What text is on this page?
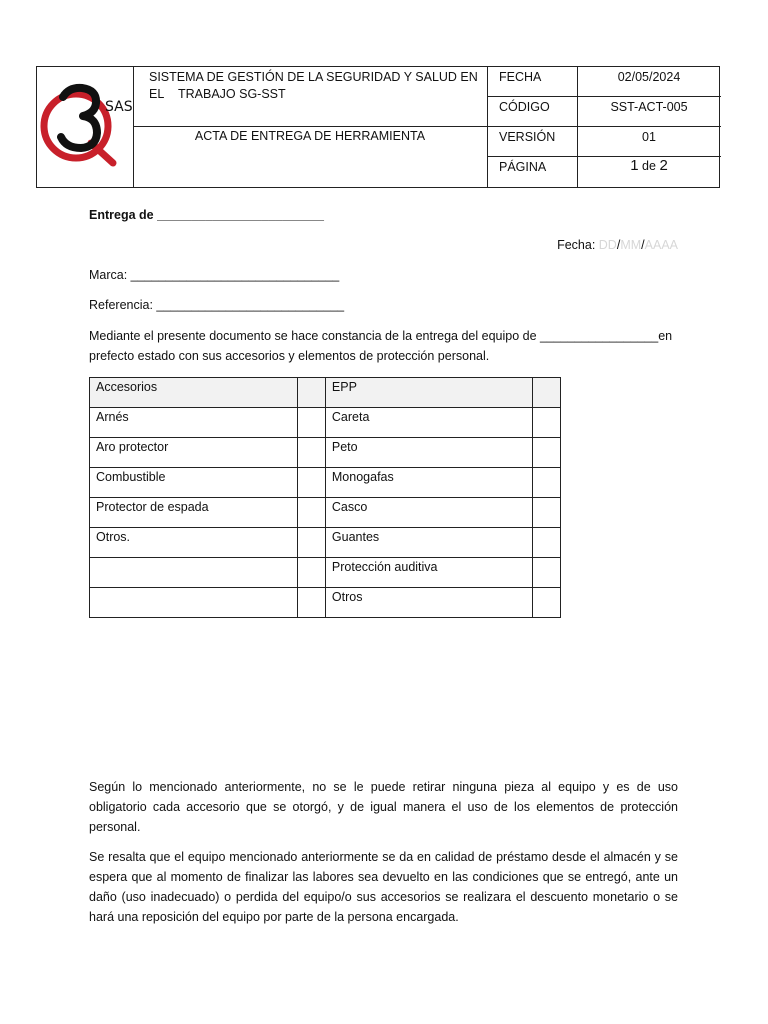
SAS
SISTEMA DE GESTIÓN DE LA SEGURIDAD Y SALUD EN EL	TRABAJO SG-SST
ACTA DE ENTREGA DE HERRAMIENTA
FECHA	02/05/2024
CÓDIGO	SST-ACT-005
VERSIÓN	01
PÁGINA	1 de 2
Entrega de ________________________
Fecha: DD/MM/AAAA
Marca: ______________________________
Referencia: ___________________________
Mediante el presente documento se hace constancia de la entrega del equipo de _________________en prefecto estado con sus accesorios y elementos de protección personal.
Accesorios		EPP	
Arnés		Careta	
Aro protector		Peto	
Combustible		Monogafas	
Protector de espada		Casco	
Otros.		Guantes	
		Protección auditiva	
		Otros	
Según lo mencionado anteriormente, no se le puede retirar ninguna pieza al equipo y es de uso obligatorio cada accesorio que se otorgó, y de igual manera el uso de los elementos de protección personal.
Se resalta que el equipo mencionado anteriormente se da en calidad de préstamo desde el almacén y se espera que al momento de finalizar las labores sea devuelto en las condiciones que se entregó, ante un daño (uso inadecuado) o perdida del equipo/o sus accesorios se realizara el descuento monetario o se hará una reposición del equipo por parte de la persona encargada.
